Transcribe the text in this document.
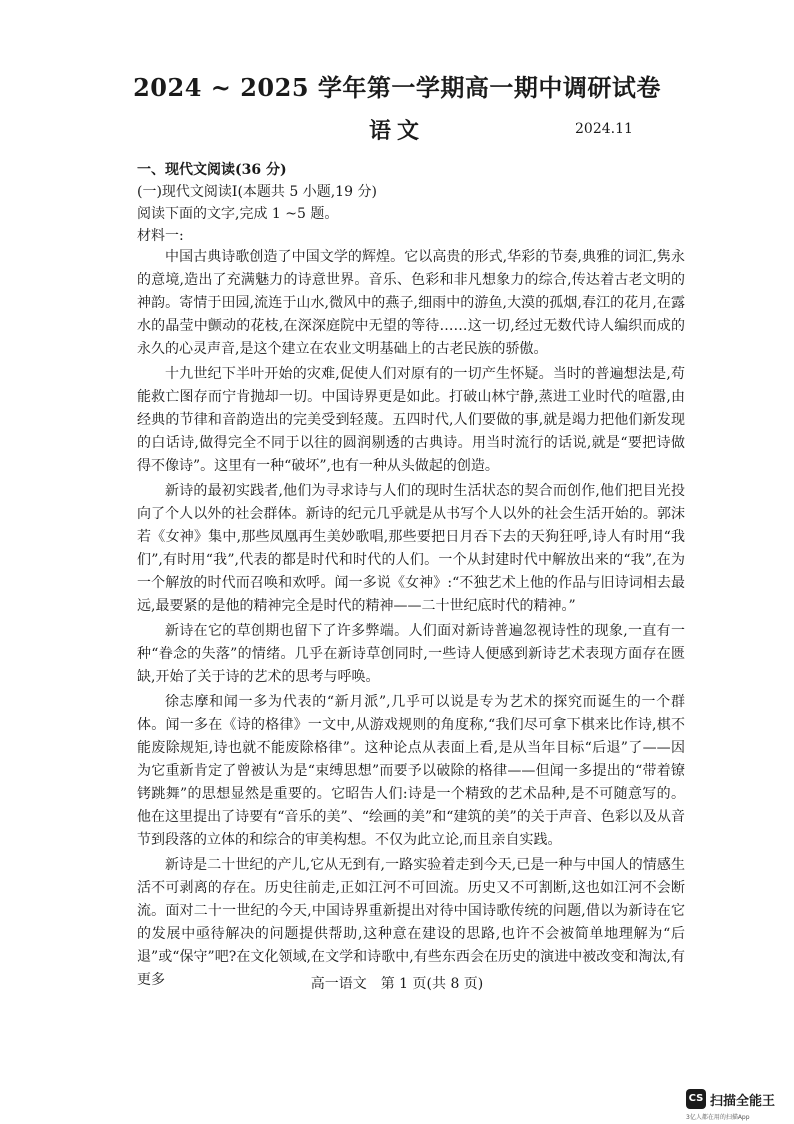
2024 ~ 2025 学年第一学期高一期中调研试卷
语文	2024.11
一、现代文阅读(36 分)
(一)现代文阅读Ⅰ(本题共 5 小题,19 分)
阅读下面的文字,完成 1 ~5 题。
材料一:

中国古典诗歌创造了中国文学的辉煌。它以高贵的形式,华彩的节奏,典雅的词汇,隽永的意境,造出了充满魅力的诗意世界。音乐、色彩和非凡想象力的综合,传达着古老文明的神韵。寄情于田园,流连于山水,微风中的燕子,细雨中的游鱼,大漠的孤烟,春江的花月,在露水的晶莹中颤动的花枝,在深深庭院中无望的等待……这一切,经过无数代诗人编织而成的永久的心灵声音,是这个建立在农业文明基础上的古老民族的骄傲。

十九世纪下半叶开始的灾难,促使人们对原有的一切产生怀疑。当时的普遍想法是,苟能救亡图存而宁肯抛却一切。中国诗界更是如此。打破山林宁静,蒸进工业时代的喧嚣,由经典的节律和音韵造出的完美受到轻蔑。五四时代,人们要做的事,就是竭力把他们新发现的白话诗,做得完全不同于以往的圆润剔透的古典诗。用当时流行的话说,就是“要把诗做得不像诗”。这里有一种“破坏”,也有一种从头做起的创造。

新诗的最初实践者,他们为寻求诗与人们的现时生活状态的契合而创作,他们把目光投向了个人以外的社会群体。新诗的纪元几乎就是从书写个人以外的社会生活开始的。郭沫若《女神》集中,那些凤凰再生美妙歌唱,那些要把日月吞下去的天狗狂呼,诗人有时用“我们”,有时用“我”,代表的都是时代和时代的人们。一个从封建时代中解放出来的“我”,在为一个解放的时代而召唤和欢呼。闻一多说《女神》:“不独艺术上他的作品与旧诗词相去最远,最要紧的是他的精神完全是时代的精神——二十世纪底时代的精神。”

新诗在它的草创期也留下了许多弊端。人们面对新诗普遍忽视诗性的现象,一直有一种“眷念的失落”的情绪。几乎在新诗草创同时,一些诗人便感到新诗艺术表现方面存在匮缺,开始了关于诗的艺术的思考与呼唤。

徐志摩和闻一多为代表的“新月派”,几乎可以说是专为艺术的探究而诞生的一个群体。闻一多在《诗的格律》一文中,从游戏规则的角度称,“我们尽可拿下棋来比作诗,棋不能废除规矩,诗也就不能废除格律”。这种论点从表面上看,是从当年目标“后退”了——因为它重新肯定了曾被认为是“束缚思想”而要予以破除的格律——但闻一多提出的“带着镣铐跳舞”的思想显然是重要的。它昭告人们:诗是一个精致的艺术品种,是不可随意写的。他在这里提出了诗要有“音乐的美”、“绘画的美”和“建筑的美”的关于声音、色彩以及从音节到段落的立体的和综合的审美构想。不仅为此立论,而且亲自实践。

新诗是二十世纪的产儿,它从无到有,一路实验着走到今天,已是一种与中国人的情感生活不可剥离的存在。历史往前走,正如江河不可回流。历史又不可割断,这也如江河不会断流。面对二十一世纪的今天,中国诗界重新提出对待中国诗歌传统的问题,借以为新诗在它的发展中亟待解决的问题提供帮助,这种意在建设的思路,也许不会被简单地理解为“后退”或“保守”吧?在文化领域,在文学和诗歌中,有些东西会在历史的演进中被改变和淘汰,有更多	高一语文　第 1 页(共 8 页)
CS 扫描全能王
3亿人都在用的扫描App
